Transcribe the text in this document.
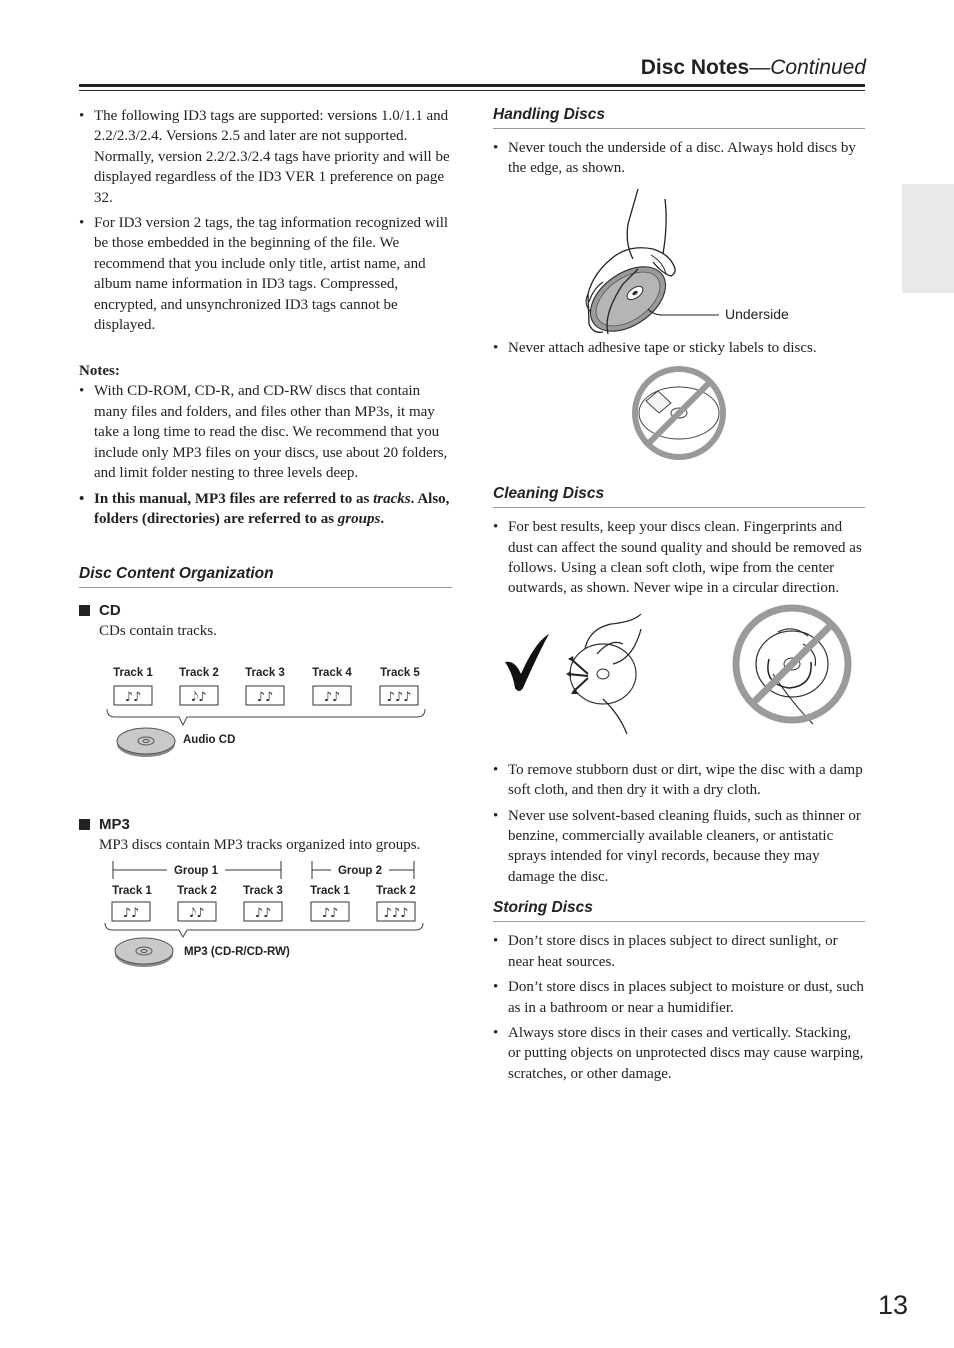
Disc Notes—Continued
• The following ID3 tags are supported: versions 1.0/1.1 and 2.2/2.3/2.4. Versions 2.5 and later are not supported. Normally, version 2.2/2.3/2.4 tags have priority and will be displayed regardless of the ID3 VER 1 preference on page 32.
• For ID3 version 2 tags, the tag information recognized will be those embedded in the beginning of the file. We recommend that you include only title, artist name, and album name information in ID3 tags. Compressed, encrypted, and unsynchronized ID3 tags cannot be displayed.
Notes:
• With CD-ROM, CD-R, and CD-RW discs that contain many files and folders, and files other than MP3s, it may take a long time to read the disc. We recommend that you include only MP3 files on your discs, use about 20 folders, and limit folder nesting to three levels deep.
• In this manual, MP3 files are referred to as tracks. Also, folders (directories) are referred to as groups.
Disc Content Organization
CD
CDs contain tracks.
Track 1 Track 2 Track 3 Track 4 Track 5
♪♪	𝅘𝅥𝅮♪	♪♪	♪♪	♪♪♪
Audio CD
MP3
MP3 discs contain MP3 tracks organized into groups.
Group 1	Group 2
Track 1 Track 2 Track 3 Track 1 Track 2
♪♪	𝅘𝅥𝅮♪	♪♪	♪♪	♪♪♪
MP3 (CD-R/CD-RW)
Handling Discs
• Never touch the underside of a disc. Always hold discs by the edge, as shown.
Underside
• Never attach adhesive tape or sticky labels to discs.
Cleaning Discs
• For best results, keep your discs clean. Fingerprints and dust can affect the sound quality and should be removed as follows. Using a clean soft cloth, wipe from the center outwards, as shown. Never wipe in a circular direction.
• To remove stubborn dust or dirt, wipe the disc with a damp soft cloth, and then dry it with a dry cloth.
• Never use solvent-based cleaning fluids, such as thinner or benzine, commercially available cleaners, or antistatic sprays intended for vinyl records, because they may damage the disc.
Storing Discs
• Don’t store discs in places subject to direct sunlight, or near heat sources.
• Don’t store discs in places subject to moisture or dust, such as in a bathroom or near a humidifier.
• Always store discs in their cases and vertically. Stacking, or putting objects on unprotected discs may cause warping, scratches, or other damage.
13
